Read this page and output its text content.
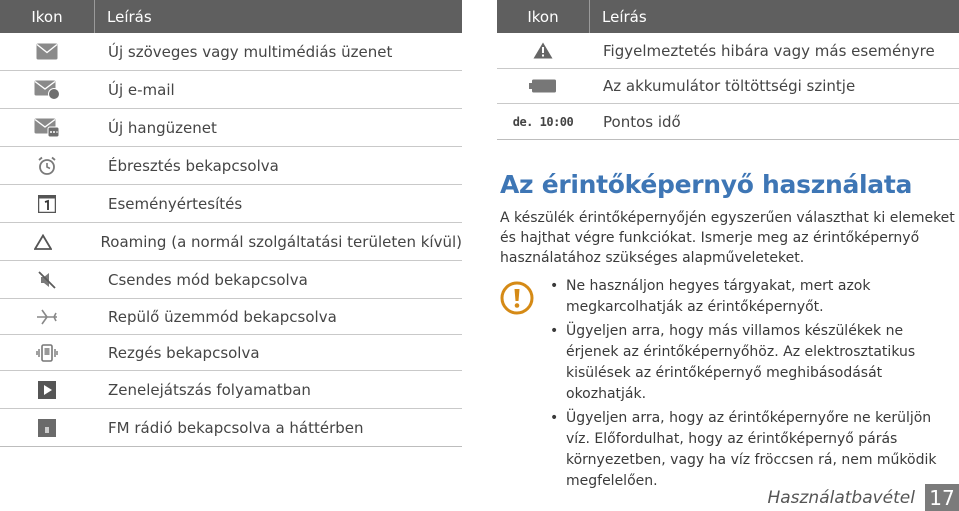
Ikon	Leírás
Új szöveges vagy multimédiás üzenet
Új e-mail
Új hangüzenet
Ébresztés bekapcsolva
Eseményértesítés
Roaming (a normál szolgáltatási területen kívül)
Csendes mód bekapcsolva
Repülő üzemmód bekapcsolva
Rezgés bekapcsolva
Zenelejátszás folyamatban
FM rádió bekapcsolva a háttérben
Ikon	Leírás
Figyelmeztetés hibára vagy más eseményre
Az akkumulátor töltöttségi szintje
de. 10:00	Pontos idő
Az érintőképernyő használata
A készülék érintőképernyőjén egyszerűen választhat ki elemeket és hajthat végre funkciókat. Ismerje meg az érintőképernyő használatához szükséges alapműveleteket.
• Ne használjon hegyes tárgyakat, mert azok megkarcolhatják az érintőképernyőt.
• Ügyeljen arra, hogy más villamos készülékek ne érjenek az érintőképernyőhöz. Az elektrosztatikus kisülések az érintőképernyő meghibásodását okozhatják.
• Ügyeljen arra, hogy az érintőképernyőre ne kerüljön víz. Előfordulhat, hogy az érintőképernyő párás környezetben, vagy ha víz fröccsen rá, nem működik megfelelően.
Használatbavétel 17
